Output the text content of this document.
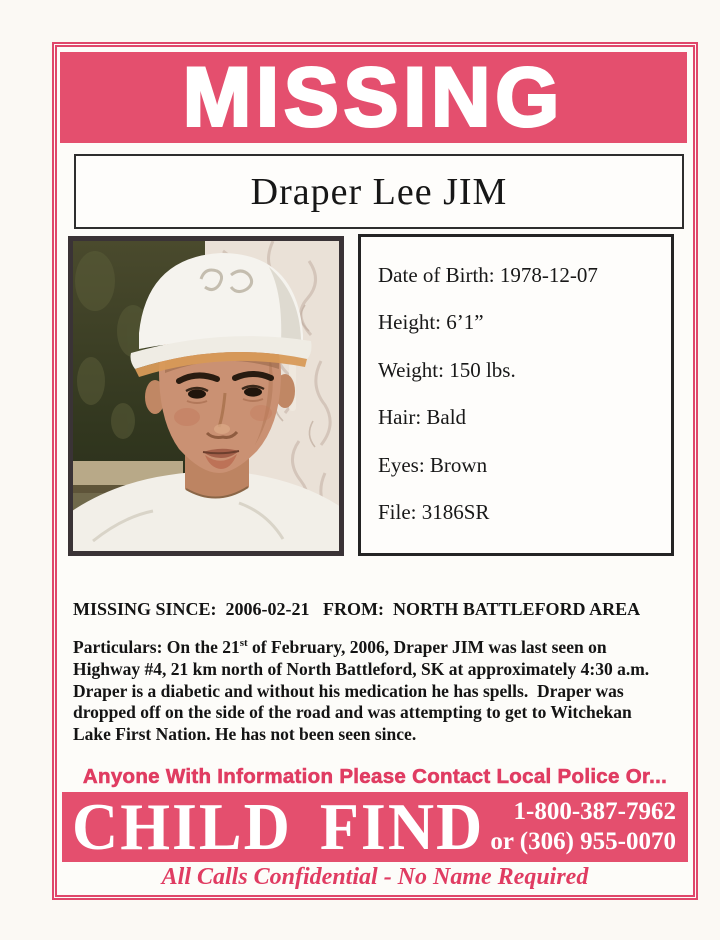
MISSING
Draper Lee JIM
Date of Birth: 1978-12-07
Height: 6’1”
Weight: 150 lbs.
Hair: Bald
Eyes: Brown
File: 3186SR
MISSING SINCE:  2006-02-21   FROM:  NORTH BATTLEFORD AREA
Particulars: On the 21st of February, 2006, Draper JIM was last seen on
Highway #4, 21 km north of North Battleford, SK at approximately 4:30 a.m.
Draper is a diabetic and without his medication he has spells.  Draper was
dropped off on the side of the road and was attempting to get to Witchekan
Lake First Nation. He has not been seen since.
Anyone With Information Please Contact Local Police Or...
CHILD FIND	1-800-387-7962
or (306) 955-0070
All Calls Confidential - No Name Required
